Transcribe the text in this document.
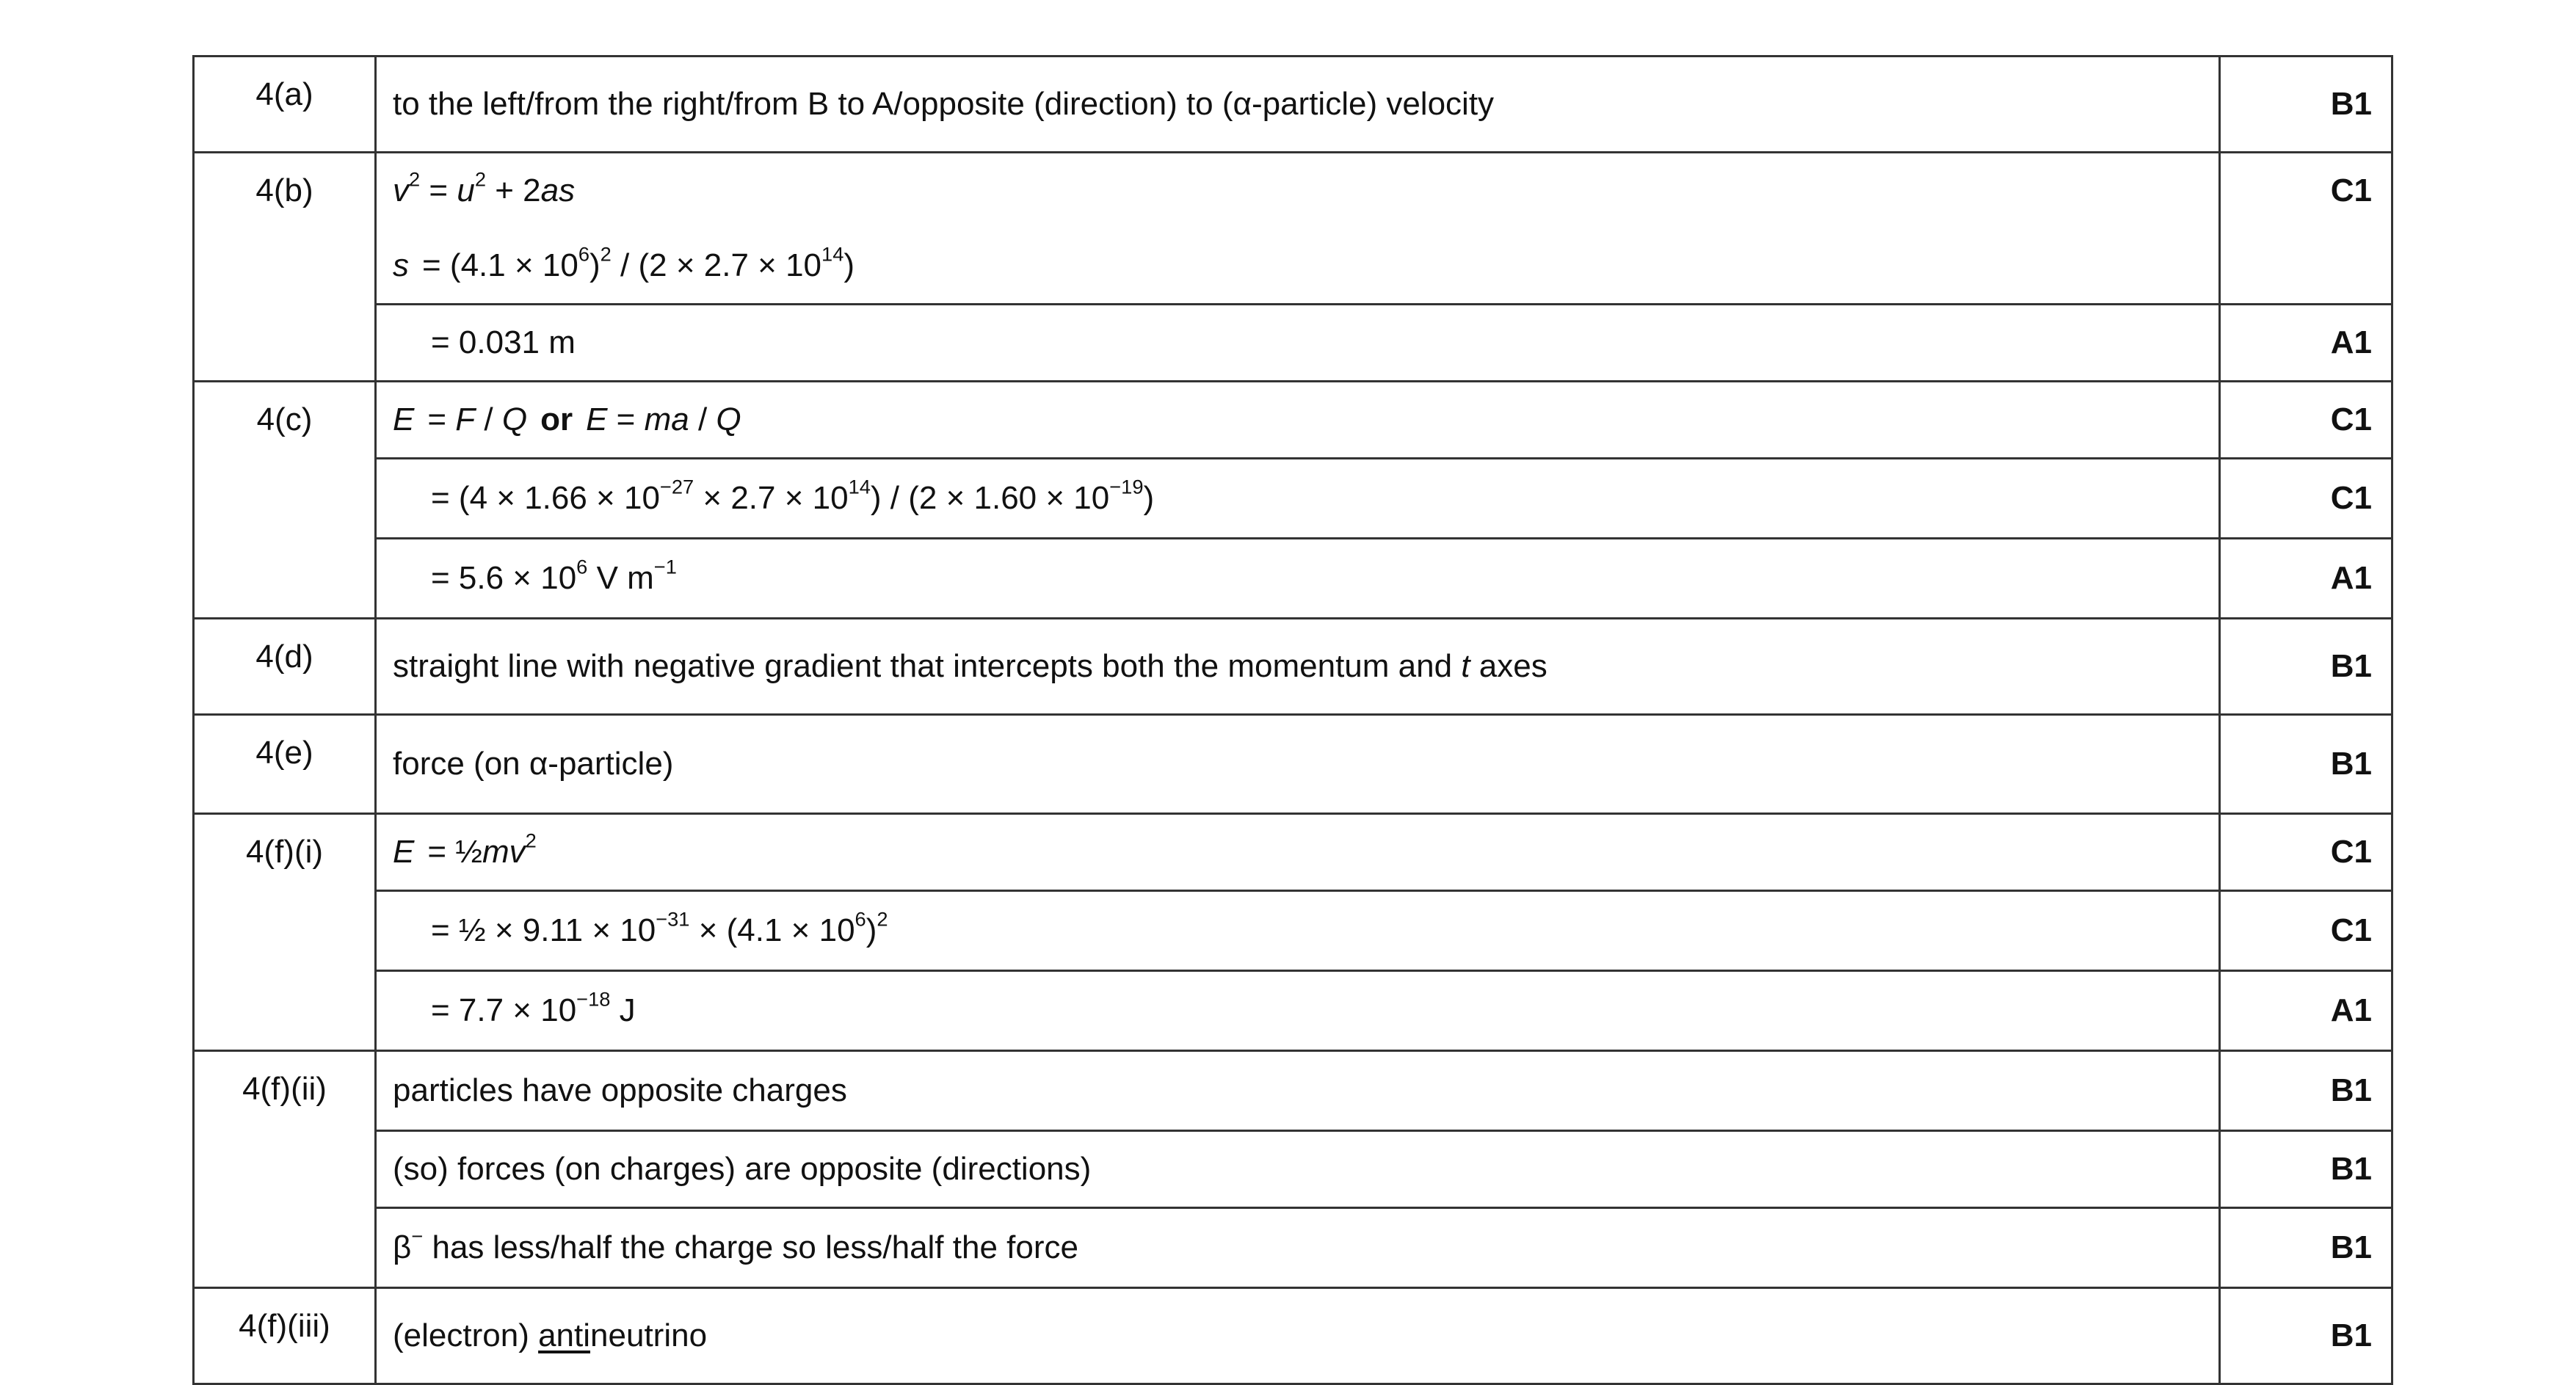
4(a)	to the left/from the right/from B to A/opposite (direction) to (α-particle) velocity	B1
4(b)	$v^2 = u^2 + 2as$	C1
	$s = (4.1 \times 10^6)^2 / (2 \times 2.7 \times 10^{14})$	
	= 0.031 m	A1
4(c)	E = F / Q or E = ma / Q	C1
	= $(4 \times 1.66 \times 10^{-27} \times 2.7 \times 10^{14}) / (2 \times 1.60 \times 10^{-19})$	C1
	= $5.6 \times 10^6$ V $m^{-1}$	A1
4(d)	straight line with negative gradient that intercepts both the momentum and t axes	B1
4(e)	force (on α-particle)	B1
4(f)(i)	$E = \frac{1}{2}mv^2$	C1
	= ½ × $9.11 \times 10^{-31} \times (4.1 \times 10^6)^2$	C1
	= $7.7 \times 10^{-18}$ J	A1
4(f)(ii)	particles have opposite charges	B1
	(so) forces (on charges) are opposite (directions)	B1
	β− has less/half the charge so less/half the force	B1
4(f)(iii)	(electron) antineutrino	B1
